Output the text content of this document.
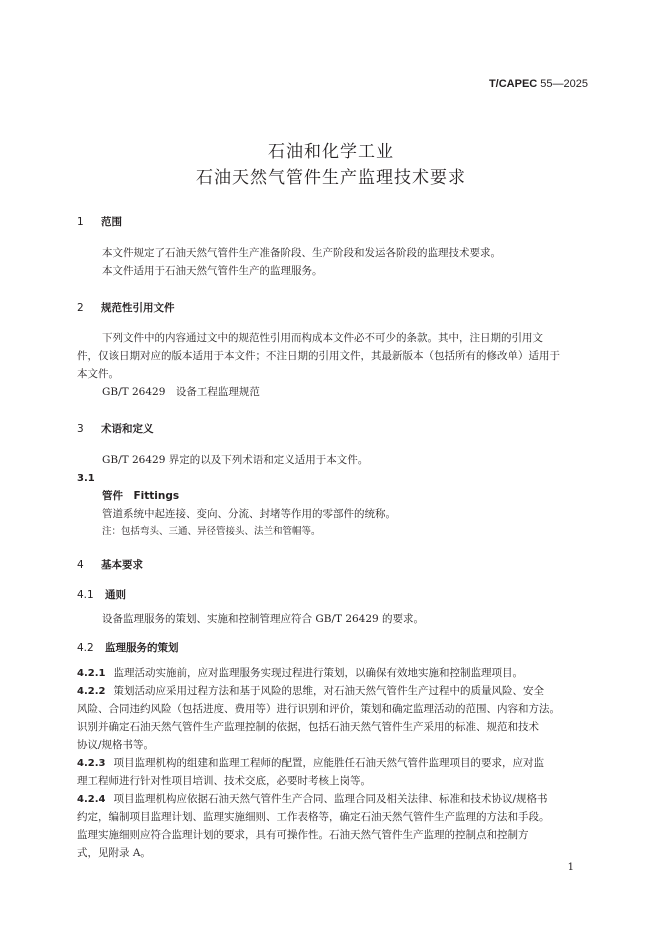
T/CAPEC 55—2025
石油和化学工业
石油天然气管件生产监理技术要求
1 范围
本文件规定了石油天然气管件生产准备阶段、生产阶段和发运各阶段的监理技术要求。
本文件适用于石油天然气管件生产的监理服务。
2 规范性引用文件
下列文件中的内容通过文中的规范性引用而构成本文件必不可少的条款。其中，注日期的引用文
件，仅该日期对应的版本适用于本文件；不注日期的引用文件，其最新版本（包括所有的修改单）适用于
本文件。
GB/T 26429　设备工程监理规范
3 术语和定义
GB/T 26429 界定的以及下列术语和定义适用于本文件。
3.1
管件　Fittings
管道系统中起连接、变向、分流、封堵等作用的零部件的统称。
注：包括弯头、三通、异径管接头、法兰和管帽等。
4 基本要求
4.1 通则
设备监理服务的策划、实施和控制管理应符合 GB/T 26429 的要求。
4.2 监理服务的策划
4.2.1 监理活动实施前，应对监理服务实现过程进行策划，以确保有效地实施和控制监理项目。
4.2.2 策划活动应采用过程方法和基于风险的思维，对石油天然气管件生产过程中的质量风险、安全
风险、合同违约风险（包括进度、费用等）进行识别和评价，策划和确定监理活动的范围、内容和方法。
识别并确定石油天然气管件生产监理控制的依据，包括石油天然气管件生产采用的标准、规范和技术
协议/规格书等。
4.2.3 项目监理机构的组建和监理工程师的配置，应能胜任石油天然气管件监理项目的要求，应对监
理工程师进行针对性项目培训、技术交底，必要时考核上岗等。
4.2.4 项目监理机构应依据石油天然气管件生产合同、监理合同及相关法律、标准和技术协议/规格书
约定，编制项目监理计划、监理实施细则、工作表格等，确定石油天然气管件生产监理的方法和手段。
监理实施细则应符合监理计划的要求，具有可操作性。石油天然气管件生产监理的控制点和控制方
式，见附录 A。
1
